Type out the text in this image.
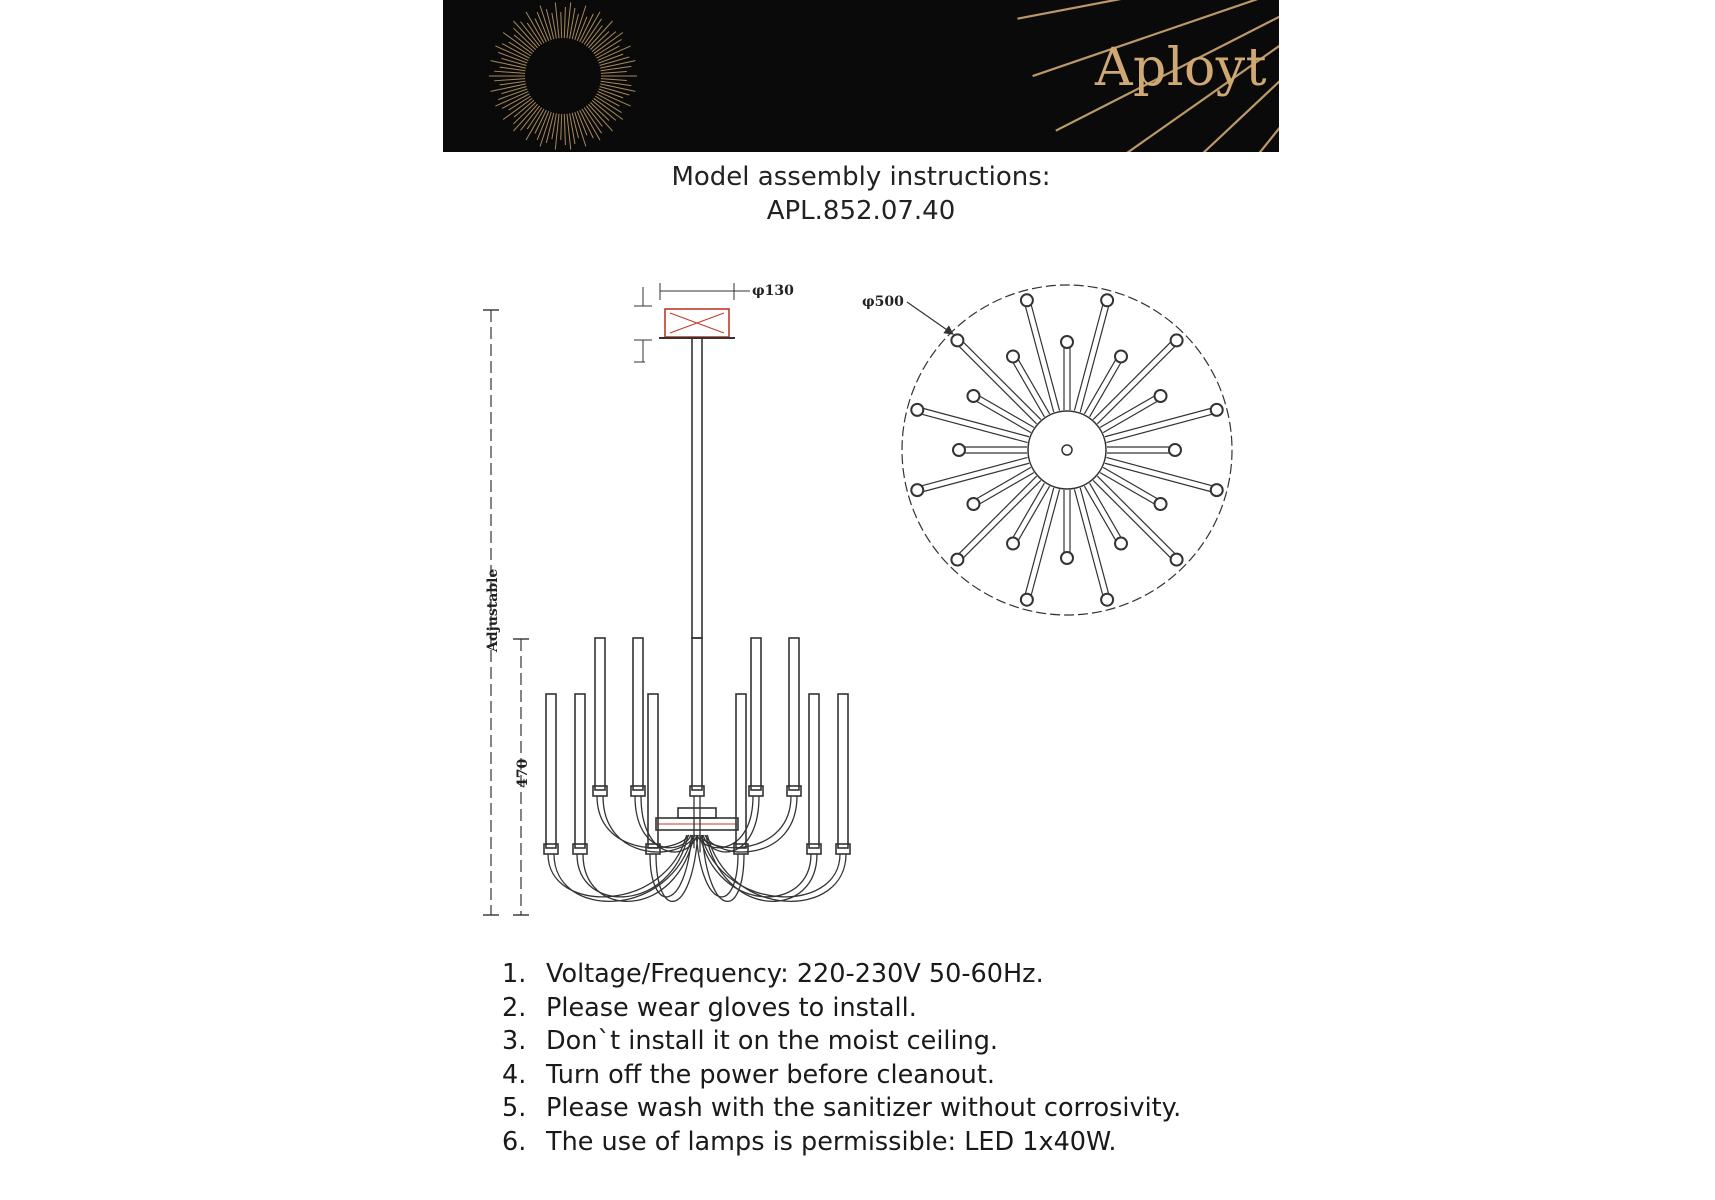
Aployt
Model assembly instructions:
APL.852.07.40
φ130
Adjustable
470
φ500
1. Voltage/Frequency: 220-230V 50-60Hz.
2. Please wear gloves to install.
3. Don`t install it on the moist ceiling.
4. Turn off the power before cleanout.
5. Please wash with the sanitizer without corrosivity.
6. The use of lamps is permissible: LED 1x40W.
